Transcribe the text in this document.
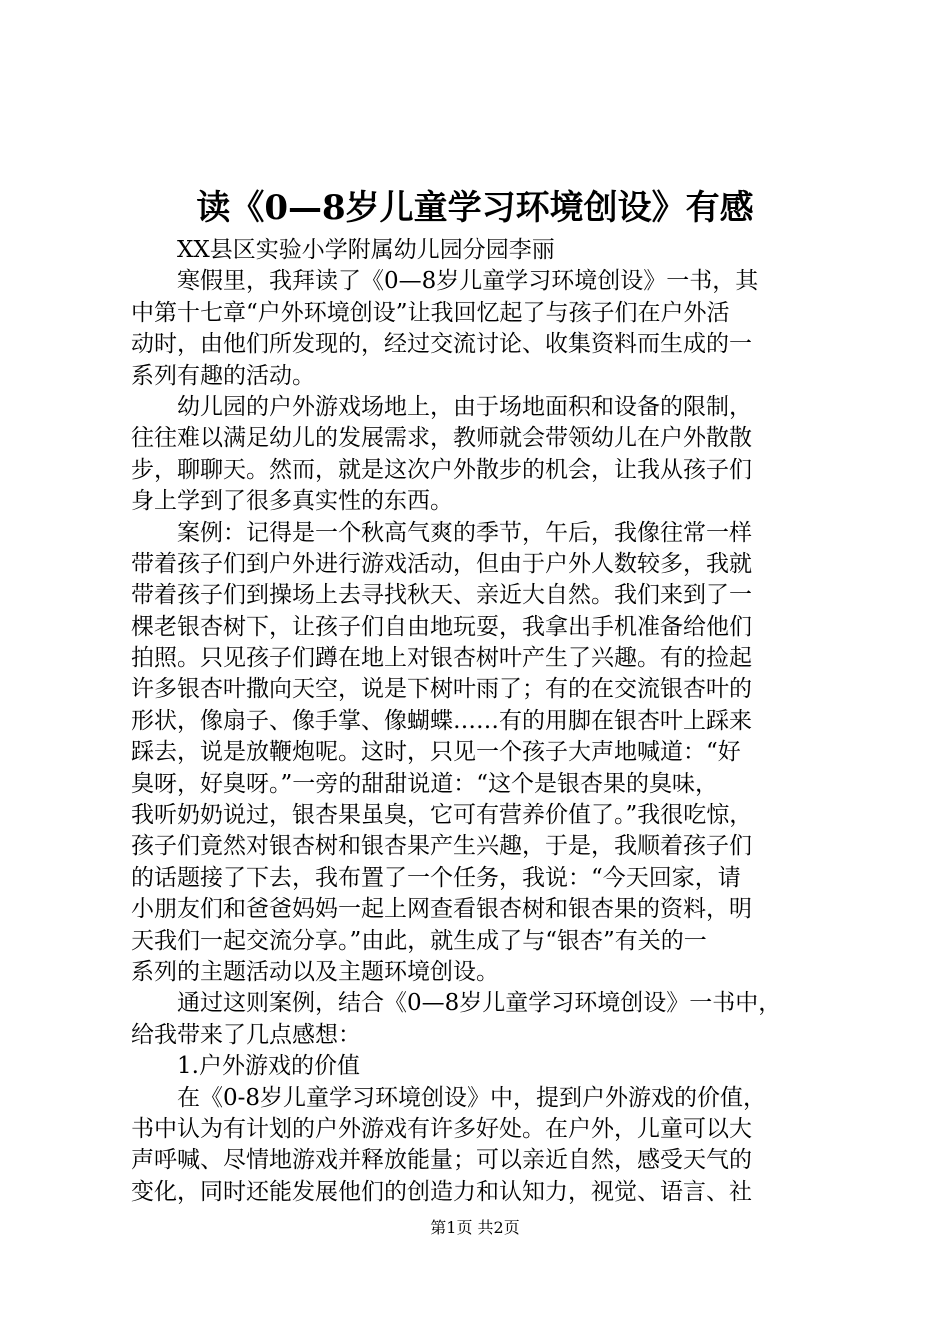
读《0—8岁儿童学习环境创设》有感
XX县区实验小学附属幼儿园分园李丽
寒假里，我拜读了《0—8岁儿童学习环境创设》一书，其
中第十七章“户外环境创设”让我回忆起了与孩子们在户外活
动时，由他们所发现的，经过交流讨论、收集资料而生成的一
系列有趣的活动。
幼儿园的户外游戏场地上，由于场地面积和设备的限制，
往往难以满足幼儿的发展需求，教师就会带领幼儿在户外散散
步，聊聊天。然而，就是这次户外散步的机会，让我从孩子们
身上学到了很多真实性的东西。
案例：记得是一个秋高气爽的季节，午后，我像往常一样
带着孩子们到户外进行游戏活动，但由于户外人数较多，我就
带着孩子们到操场上去寻找秋天、亲近大自然。我们来到了一
棵老银杏树下，让孩子们自由地玩耍，我拿出手机准备给他们
拍照。只见孩子们蹲在地上对银杏树叶产生了兴趣。有的捡起
许多银杏叶撒向天空，说是下树叶雨了；有的在交流银杏叶的
形状，像扇子、像手掌、像蝴蝶……有的用脚在银杏叶上踩来
踩去，说是放鞭炮呢。这时，只见一个孩子大声地喊道：“好
臭呀，好臭呀。”一旁的甜甜说道：“这个是银杏果的臭味，
我听奶奶说过，银杏果虽臭，它可有营养价值了。”我很吃惊，
孩子们竟然对银杏树和银杏果产生兴趣，于是，我顺着孩子们
的话题接了下去，我布置了一个任务，我说：“今天回家，请
小朋友们和爸爸妈妈一起上网查看银杏树和银杏果的资料，明
天我们一起交流分享。”由此，就生成了与“银杏”有关的一
系列的主题活动以及主题环境创设。
通过这则案例，结合《0—8岁儿童学习环境创设》一书中，
给我带来了几点感想：
1.户外游戏的价值
在《0-8岁儿童学习环境创设》中，提到户外游戏的价值，
书中认为有计划的户外游戏有许多好处。在户外，儿童可以大
声呼喊、尽情地游戏并释放能量；可以亲近自然，感受天气的
变化，同时还能发展他们的创造力和认知力，视觉、语言、社
第1页 共2页
